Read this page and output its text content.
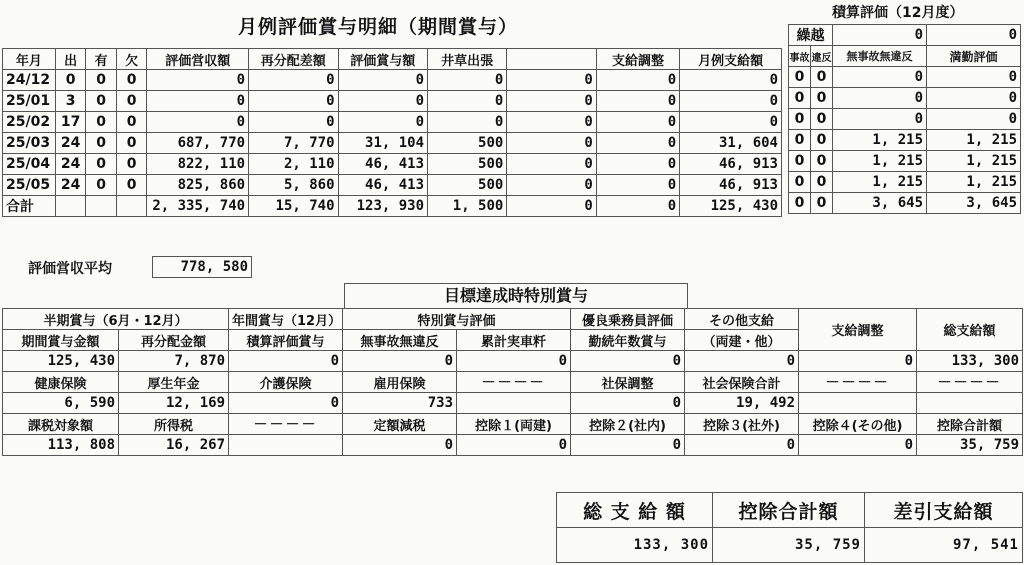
月例評価賞与明細（期間賞与）
年月	出	有	欠	評価営収額	再分配差額	評価賞与額	井草出張		支給調整	月例支給額
24/12	0	0	0	0	0	0	0	0	0	0
25/01	3	0	0	0	0	0	0	0	0	0
25/02	17	0	0	0	0	0	0	0	0	0
25/03	24	0	0	687, 770	7, 770	31, 104	500	0	0	31, 604
25/04	24	0	0	822, 110	2, 110	46, 413	500	0	0	46, 913
25/05	24	0	0	825, 860	5, 860	46, 413	500	0	0	46, 913
合計				2, 335, 740	15, 740	123, 930	1, 500	0	0	125, 430
評価営収平均	778, 580
積算評価（12月度）
繰越		0	0
事故	違反	無事故無違反	満勤評価
0	0	0	0
0	0	0	0
0	0	0	0
0	0	1, 215	1, 215
0	0	1, 215	1, 215
0	0	1, 215	1, 215
0	0	3, 645	3, 645
目標達成時特別賞与
半期賞与（6月・12月）		年間賞与（12月）	特別賞与評価		優良乗務員評価	その他支給	支給調整	総支給額
期間賞与金額	再分配金額	積算評価賞与	無事故無違反	累計実車粁	勤続年数賞与	（両建・他）		
125, 430	7, 870	0	0	0	0	0	0	133, 300
健康保険	厚生年金	介護保険	雇用保険	－－－－	社保調整	社会保険合計	－－－－	－－－－
6, 590	12, 169	0	733		0	19, 492		
課税対象額	所得税	－－－－	定額減税	控除１(両建)	控除２(社内)	控除３(社外)	控除４(その他)	控除合計額
113, 808	16, 267		0	0	0	0	0	35, 759
総 支 給 額	控除合計額	差引支給額
133, 300	35, 759	97, 541
